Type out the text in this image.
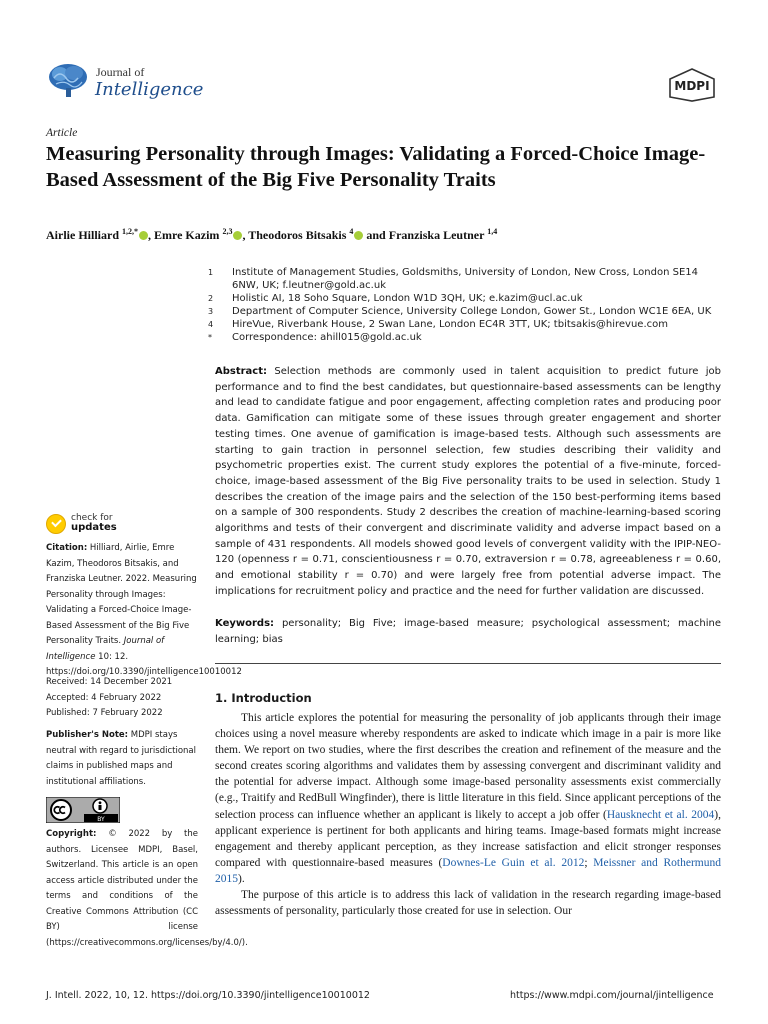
Journal of
Intelligence	MDPI
Article
Measuring Personality through Images: Validating a Forced-Choice Image-Based Assessment of the Big Five Personality Traits
Airlie Hilliard $^{1,2,*}$ , Emre Kazim $^{2,3}$ , Theodoros Bitsakis $^4$ and Franziska Leutner $^{1,4}$
1	Institute of Management Studies, Goldsmiths, University of London, New Cross, London SE14 6NW, UK; f.leutner@gold.ac.uk
2	Holistic AI, 18 Soho Square, London W1D 3QH, UK; e.kazim@ucl.ac.uk
3	Department of Computer Science, University College London, Gower St., London WC1E 6EA, UK
4	HireVue, Riverbank House, 2 Swan Lane, London EC4R 3TT, UK; tbitsakis@hirevue.com
*	Correspondence: ahill015@gold.ac.uk
Abstract: Selection methods are commonly used in talent acquisition to predict future job performance and to find the best candidates, but questionnaire-based assessments can be lengthy and lead to candidate fatigue and poor engagement, affecting completion rates and producing poor data. Gamification can mitigate some of these issues through greater engagement and shorter testing times. One avenue of gamification is image-based tests. Although such assessments are starting to gain traction in personnel selection, few studies describing their validity and psychometric properties exist. The current study explores the potential of a five-minute, forced-choice, image-based assessment of the Big Five personality traits to be used in selection. Study 1 describes the creation of the image pairs and the selection of the 150 best-performing items based on a sample of 300 respondents. Study 2 describes the creation of machine-learning-based scoring algorithms and tests of their convergent and discriminate validity and adverse impact based on a sample of 431 respondents. All models showed good levels of convergent validity with the IPIP-NEO-120 (openness r = 0.71, conscientiousness r = 0.70, extraversion r = 0.78, agreeableness r = 0.60, and emotional stability r = 0.70) and were largely free from potential adverse impact. The implications for recruitment policy and practice and the need for further validation are discussed.
Keywords: personality; Big Five; image-based measure; psychological assessment; machine learning; bias
1. Introduction

This article explores the potential for measuring the personality of job applicants through their image choices using a novel measure whereby respondents are asked to indicate which image in a pair is more like them. We report on two studies, where the first describes the creation and refinement of the measure and the second creates scoring algorithms and validates them by assessing convergent and discriminant validity and the potential for adverse impact. Although some image-based personality assessments exist commercially (e.g., Traitify and RedBull Wingfinder), there is little literature in this field. Since applicant perceptions of the selection process can influence whether an applicant is likely to accept a job offer (Hausknecht et al. 2004), applicant experience is pertinent for both applicants and hiring teams. Image-based formats might increase engagement and thereby applicant perception, as they increase satisfaction and elicit stronger responses compared with questionnaire-based measures (Downes-Le Guin et al. 2012; Meissner and Rothermund 2015).

The purpose of this article is to address this lack of validation in the research regarding image-based assessments of personality, particularly those created for use in selection. Our

check for
updates
Citation: Hilliard, Airlie, Emre Kazim, Theodoros Bitsakis, and Franziska Leutner. 2022. Measuring Personality through Images: Validating a Forced-Choice Image-Based Assessment of the Big Five Personality Traits. Journal of Intelligence 10: 12. https://doi.org/10.3390/jintelligence10010012
Received: 14 December 2021
Accepted: 4 February 2022
Published: 7 February 2022
Publisher's Note: MDPI stays neutral with regard to jurisdictional claims in published maps and institutional affiliations.
BY
Copyright: © 2022 by the authors. Licensee MDPI, Basel, Switzerland. This article is an open access article distributed under the terms and conditions of the Creative Commons Attribution (CC BY) license (https://creativecommons.org/licenses/by/4.0/).
J. Intell. 2022, 10, 12. https://doi.org/10.3390/jintelligence10010012	https://www.mdpi.com/journal/jintelligence
